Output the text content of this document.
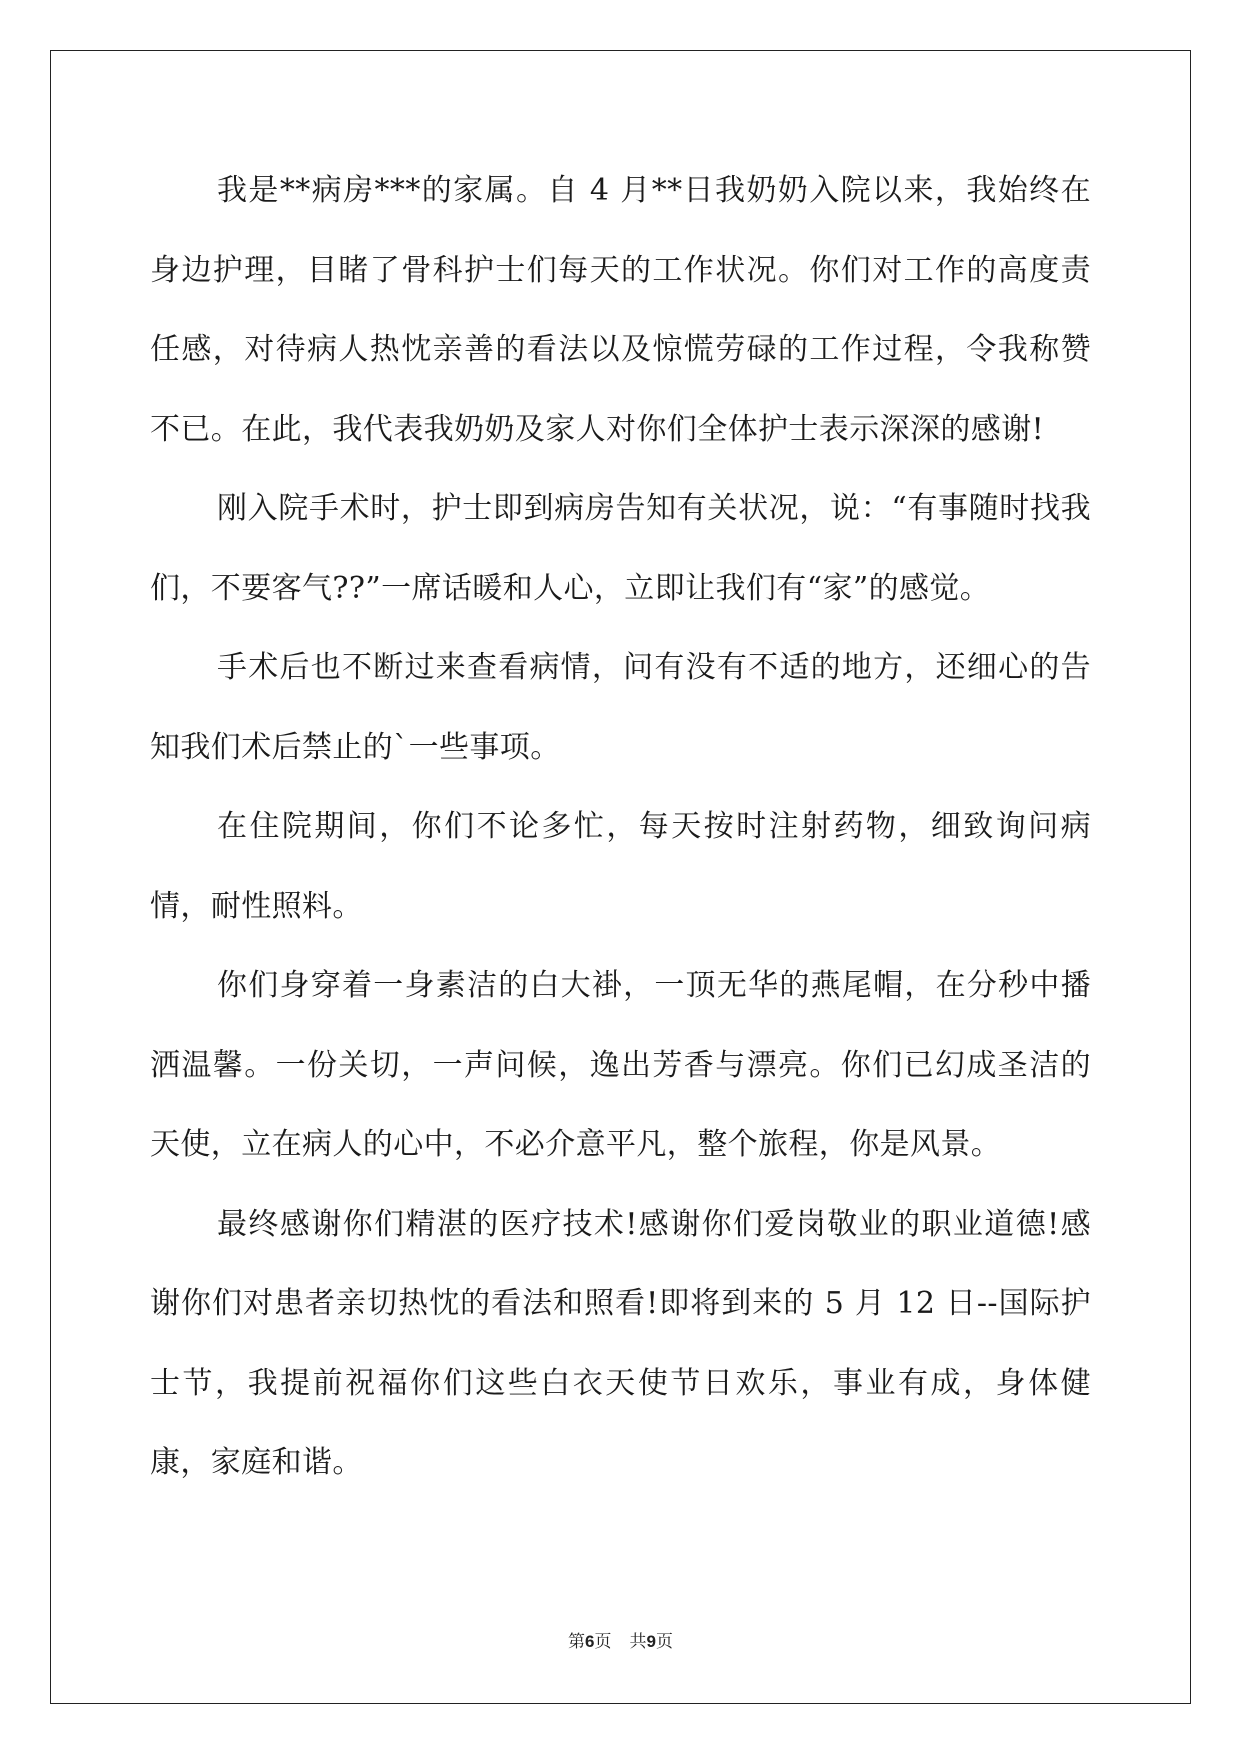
我是**病房***的家属。自 4 月**日我奶奶入院以来，我始终在身边护理，目睹了骨科护士们每天的工作状况。你们对工作的高度责任感，对待病人热忱亲善的看法以及惊慌劳碌的工作过程，令我称赞不已。在此，我代表我奶奶及家人对你们全体护士表示深深的感谢!

刚入院手术时，护士即到病房告知有关状况，说：“有事随时找我们，不要客气??”一席话暖和人心，立即让我们有“家”的感觉。

手术后也不断过来查看病情，问有没有不适的地方，还细心的告知我们术后禁止的`一些事项。

在住院期间，你们不论多忙，每天按时注射药物，细致询问病情，耐性照料。

你们身穿着一身素洁的白大褂，一顶无华的燕尾帽，在分秒中播洒温馨。一份关切，一声问候，逸出芳香与漂亮。你们已幻成圣洁的天使，立在病人的心中，不必介意平凡，整个旅程，你是风景。

最终感谢你们精湛的医疗技术!感谢你们爱岗敬业的职业道德!感谢你们对患者亲切热忱的看法和照看!即将到来的 5 月 12 日--国际护士节，我提前祝福你们这些白衣天使节日欢乐，事业有成，身体健康，家庭和谐。

第6页 共9页
